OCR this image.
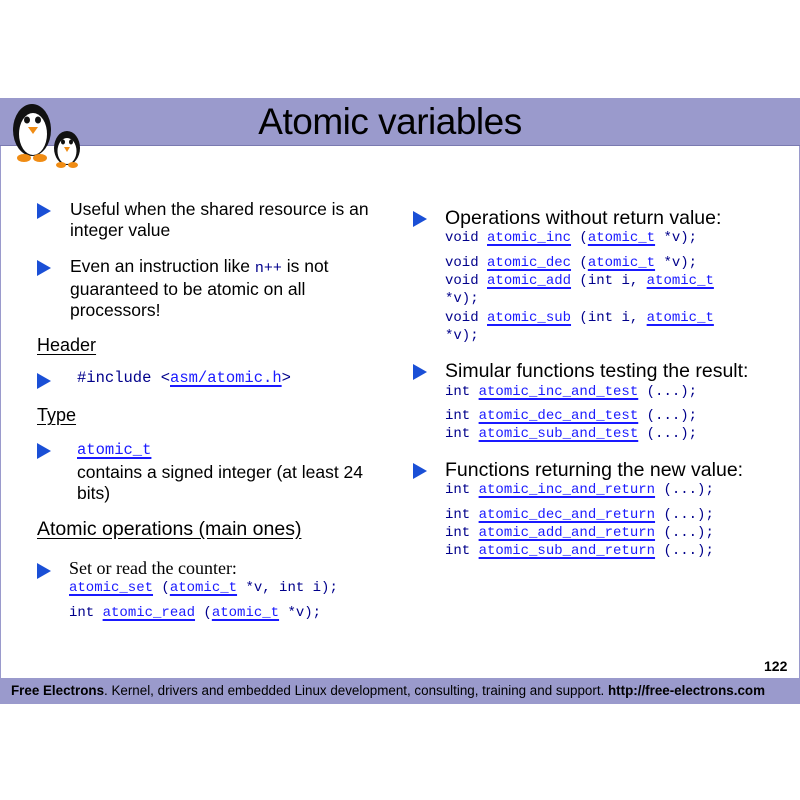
Atomic variables
Useful when the shared resource is an integer value
Even an instruction like n++ is not guaranteed to be atomic on all processors!
Header
#include <asm/atomic.h>
Type
atomic_t
contains a signed integer (at least 24 bits)
Atomic operations (main ones)
Set or read the counter:
atomic_set (atomic_t *v, int i);
int atomic_read (atomic_t *v);
Operations without return value:
void atomic_inc (atomic_t *v);
void atomic_dec (atomic_t *v);
void atomic_add (int i, atomic_t
*v);
void atomic_sub (int i, atomic_t
*v);
Simular functions testing the result:
int atomic_inc_and_test (...);
int atomic_dec_and_test (...);
int atomic_sub_and_test (...);
Functions returning the new value:
int atomic_inc_and_return (...);
int atomic_dec_and_return (...);
int atomic_add_and_return (...);
int atomic_sub_and_return (...);
122
Free Electrons. Kernel, drivers and embedded Linux development, consulting, training and support. http://free-electrons.com
